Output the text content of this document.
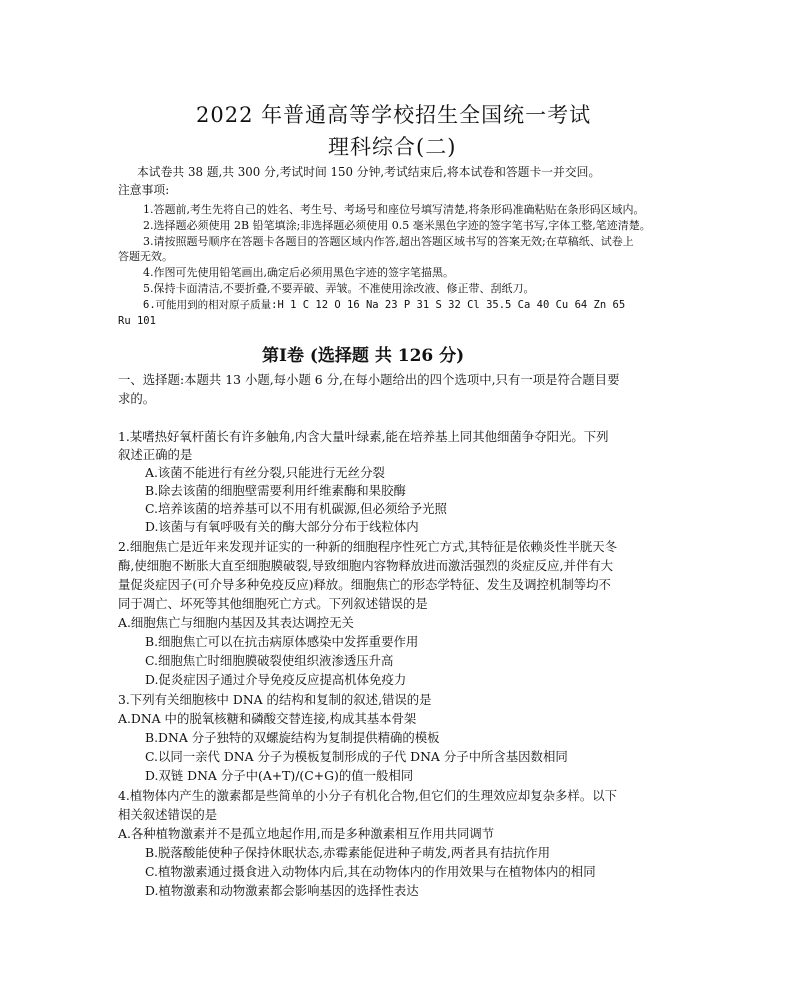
2022 年普通高等学校招生全国统一考试
理科综合(二)
本试卷共 38 题,共 300 分,考试时间 150 分钟,考试结束后,将本试卷和答题卡一并交回。
注意事项:
1.答题前,考生先将自己的姓名、考生号、考场号和座位号填写清楚,将条形码准确粘贴在条形码区域内。
2.选择题必须使用 2B 铅笔填涂;非选择题必须使用 0.5 毫米黑色字迹的签字笔书写,字体工整,笔迹清楚。
3.请按照题号顺序在答题卡各题目的答题区域内作答,超出答题区域书写的答案无效;在草稿纸、试卷上
答题无效。
4.作图可先使用铅笔画出,确定后必须用黑色字迹的签字笔描黑。
5.保持卡面清洁,不要折叠,不要弄破、弄皱。不准使用涂改液、修正带、刮纸刀。
6.可能用到的相对原子质量:H 1 C 12 O 16 Na 23 P 31 S 32 Cl 35.5 Ca 40 Cu 64 Zn 65
Ru 101
第Ⅰ卷 (选择题 共 126 分)
一、选择题:本题共 13 小题,每小题 6 分,在每小题给出的四个选项中,只有一项是符合题目要
求的。
1.某嗜热好氧杆菌长有许多触角,内含大量叶绿素,能在培养基上同其他细菌争夺阳光。下列
叙述正确的是
A.该菌不能进行有丝分裂,只能进行无丝分裂
B.除去该菌的细胞壁需要利用纤维素酶和果胶酶
C.培养该菌的培养基可以不用有机碳源,但必须给予光照
D.该菌与有氧呼吸有关的酶大部分分布于线粒体内
2.细胞焦亡是近年来发现并证实的一种新的细胞程序性死亡方式,其特征是依赖炎性半胱天冬
酶,使细胞不断胀大直至细胞膜破裂,导致细胞内容物释放进而激活强烈的炎症反应,并伴有大
量促炎症因子(可介导多种免疫反应)释放。细胞焦亡的形态学特征、发生及调控机制等均不
同于凋亡、坏死等其他细胞死亡方式。下列叙述错误的是
A.细胞焦亡与细胞内基因及其表达调控无关
B.细胞焦亡可以在抗击病原体感染中发挥重要作用
C.细胞焦亡时细胞膜破裂使组织液渗透压升高
D.促炎症因子通过介导免疫反应提高机体免疫力
3.下列有关细胞核中 DNA 的结构和复制的叙述,错误的是
A.DNA 中的脱氧核糖和磷酸交替连接,构成其基本骨架
B.DNA 分子独特的双螺旋结构为复制提供精确的模板
C.以同一亲代 DNA 分子为模板复制形成的子代 DNA 分子中所含基因数相同
D.双链 DNA 分子中(A+T)/(C+G)的值一般相同
4.植物体内产生的激素都是些简单的小分子有机化合物,但它们的生理效应却复杂多样。以下
相关叙述错误的是
A.各种植物激素并不是孤立地起作用,而是多种激素相互作用共同调节
B.脱落酸能使种子保持休眠状态,赤霉素能促进种子萌发,两者具有拮抗作用
C.植物激素通过摄食进入动物体内后,其在动物体内的作用效果与在植物体内的相同
D.植物激素和动物激素都会影响基因的选择性表达
